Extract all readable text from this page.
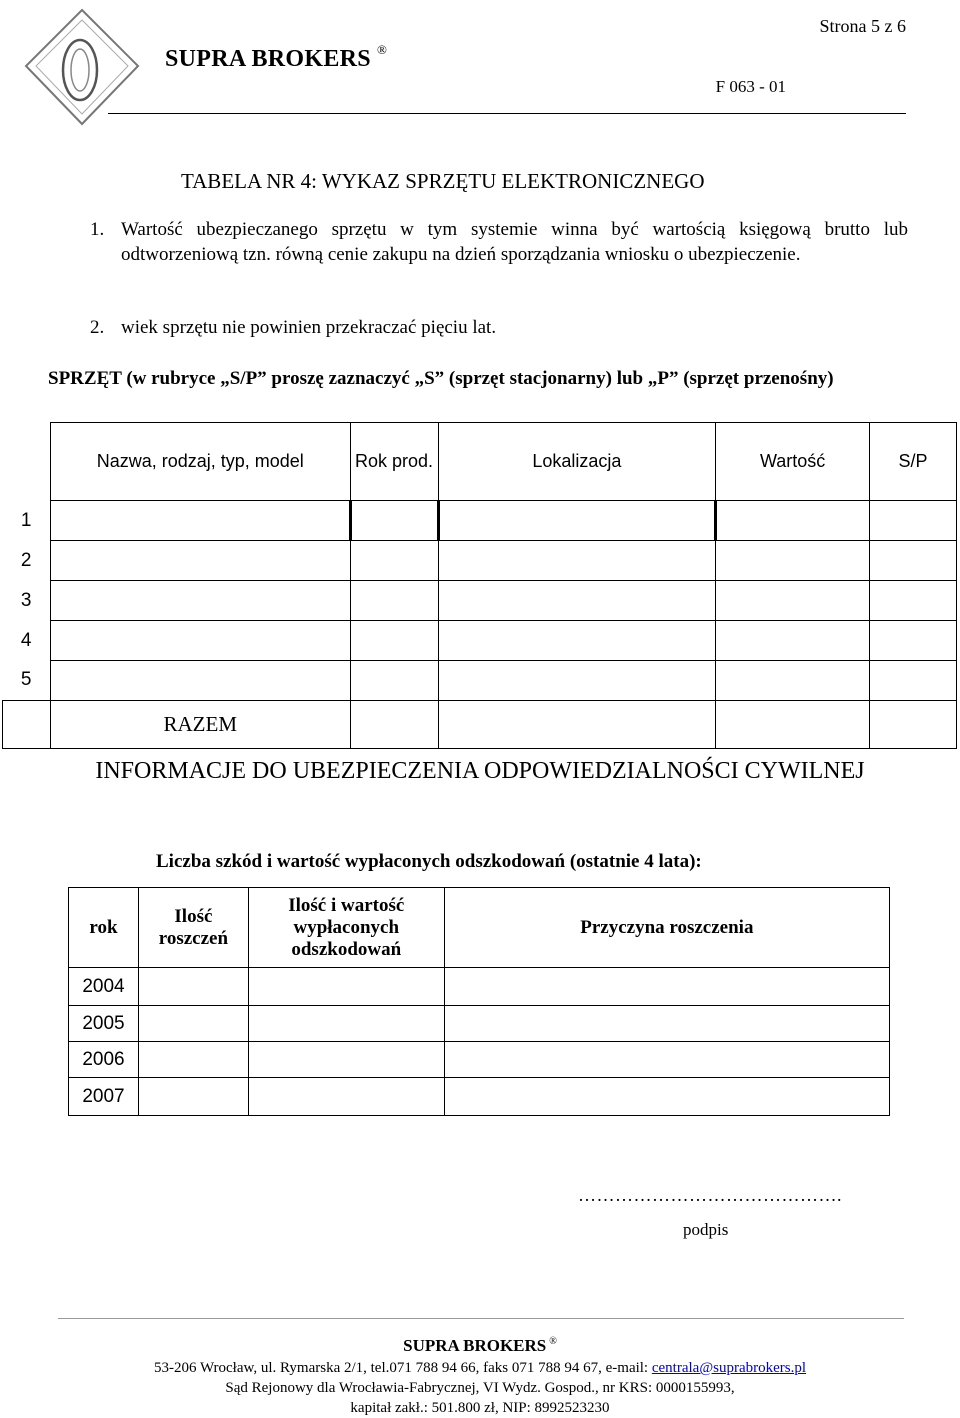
SUPRA BROKERS ®
Strona 5 z 6
F 063 - 01
TABELA NR 4: WYKAZ SPRZĘTU ELEKTRONICZNEGO
1. Wartość ubezpieczanego sprzętu w tym systemie winna być wartością księgową brutto lub odtworzeniową tzn. równą cenie zakupu na dzień sporządzania wniosku o ubezpieczenie.
2. wiek sprzętu nie powinien przekraczać pięciu lat.
SPRZĘT (w rubryce „S/P” proszę zaznaczyć „S” (sprzęt stacjonarny) lub „P” (sprzęt przenośny)
	Nazwa, rodzaj, typ, model	Rok prod.	Lokalizacja	Wartość	S/P
1					
2					
3					
4					
5					
	RAZEM				
INFORMACJE DO UBEZPIECZENIA ODPOWIEDZIALNOŚCI CYWILNEJ
Liczba szkód i wartość wypłaconych odszkodowań (ostatnie 4 lata):
rok	Ilość roszczeń	Ilość i wartość wypłaconych odszkodowań	Przyczyna roszczenia
2004			
2005			
2006			
2007			
…………………………………….
podpis
SUPRA BROKERS ®
53-206 Wrocław, ul. Rymarska 2/1, tel.071 788 94 66, faks 071 788 94 67, e-mail: centrala@suprabrokers.pl
Sąd Rejonowy dla Wrocławia-Fabrycznej, VI Wydz. Gospod., nr KRS: 0000155993,
kapitał zakł.: 501.800 zł, NIP: 8992523230
